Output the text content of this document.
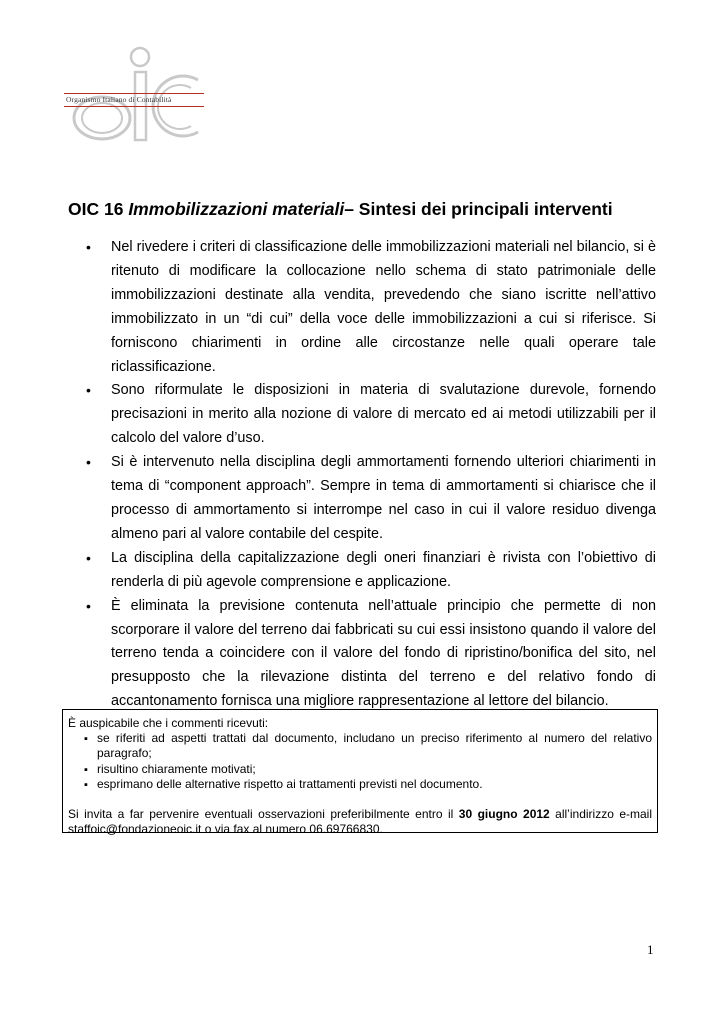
Organismo Italiano di Contabilità
OIC 16 Immobilizzazioni materiali– Sintesi dei principali interventi
• Nel rivedere i criteri di classificazione delle immobilizzazioni materiali nel bilancio, si è ritenuto di modificare la collocazione nello schema di stato patrimoniale delle immobilizzazioni destinate alla vendita, prevedendo che siano iscritte nell’attivo immobilizzato in un “di cui” della voce delle immobilizzazioni a cui si riferisce. Si forniscono chiarimenti in ordine alle circostanze nelle quali operare tale riclassificazione.
• Sono riformulate le disposizioni in materia di svalutazione durevole, fornendo precisazioni in merito alla nozione di valore di mercato ed ai metodi utilizzabili per il calcolo del valore d’uso.
• Si è intervenuto nella disciplina degli ammortamenti fornendo ulteriori chiarimenti in tema di “component approach”. Sempre in tema di ammortamenti si chiarisce che il processo di ammortamento si interrompe nel caso in cui il valore residuo divenga almeno pari al valore contabile del cespite.
• La disciplina della capitalizzazione degli oneri finanziari è rivista con l’obiettivo di renderla di più agevole comprensione e applicazione.
• È eliminata la previsione contenuta nell’attuale principio che permette di non scorporare il valore del terreno dai fabbricati su cui essi insistono quando il valore del terreno tenda a coincidere con il valore del fondo di ripristino/bonifica del sito, nel presupposto che la rilevazione distinta del terreno e del relativo fondo di accantonamento fornisca una migliore rappresentazione al lettore del bilancio.

È auspicabile che i commenti ricevuti:

▪ se riferiti ad aspetti trattati dal documento, includano un preciso riferimento al numero del relativo paragrafo;
▪ risultino chiaramente motivati;
▪ esprimano delle alternative rispetto ai trattamenti previsti nel documento.

Si invita a far pervenire eventuali osservazioni preferibilmente entro il 30 giugno 2012 all’indirizzo e-mail staffoic@fondazioneoic.it o via fax al numero 06.69766830.

1
